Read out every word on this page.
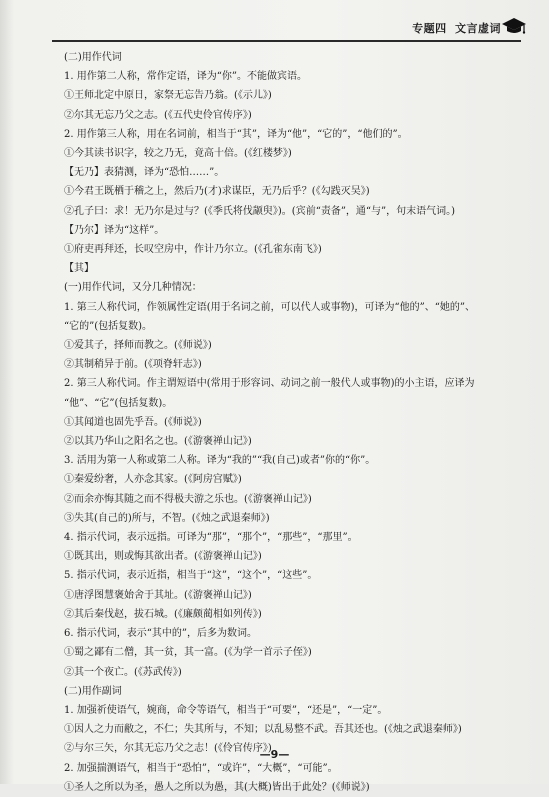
专题四 文言虚词
(二)用作代词
1. 用作第二人称，常作定语，译为“你”。不能做宾语。
①王师北定中原日，家祭无忘告乃翁。(《示儿》)
②尔其无忘乃父之志。(《五代史伶官传序》)
2. 用作第三人称，用在名词前，相当于“其”，译为“他”，“它的”，“他们的”。
①今其读书识字，较之乃无，竟高十倍。(《红楼梦》)
【无乃】表猜测，译为“恐怕……”。
①今君王既栖于稽之上，然后乃(才)求谋臣，无乃后乎？(《勾践灭吴》)
②孔子曰：求！无乃尔是过与？(《季氏将伐颛臾》)。(宾前“责备”，通“与”，句末语气词。)
【乃尔】译为“这样”。
①府吏再拜还，长叹空房中，作计乃尔立。(《孔雀东南飞》)
【其】
(一)用作代词，又分几种情况：
1. 第三人称代词，作领属性定语(用于名词之前，可以代人或事物)，可译为“他的”、“她的”、
“它的”(包括复数)。
①爱其子，择师而教之。(《师说》)
②其制稍异于前。(《项脊轩志》)
2. 第三人称代词。作主谓短语中(常用于形容词、动词之前一般代人或事物)的小主语，应译为
“他”、“它”(包括复数)。
①其闻道也固先乎吾。(《师说》)
②以其乃华山之阳名之也。(《游褒禅山记》)
3. 活用为第一人称或第二人称。译为“我的”“我(自己)或者”你的“你”。
①秦爱纷奢，人亦念其家。(《阿房宫赋》)
②而余亦悔其随之而不得极夫游之乐也。(《游褒禅山记》)
③失其(自己的)所与，不智。(《烛之武退秦师》)
4. 指示代词，表示远指。可译为“那”，“那个”，“那些”，“那里”。
①既其出，则或悔其欲出者。(《游褒禅山记》)
5. 指示代词，表示近指，相当于“这”，“这个”，“这些”。
①唐浮图慧褒始舍于其址。(《游褒禅山记》)
②其后秦伐赵，拔石城。(《廉颇蔺相如列传》)
6. 指示代词，表示“其中的”，后多为数词。
①蜀之鄙有二僧，其一贫，其一富。(《为学一首示子侄》)
②其一个夜亡。(《苏武传》)
(二)用作副词
1. 加强祈使语气，婉商，命令等语气，相当于“可要”，“还是”，“一定”。
①因人之力而敝之，不仁；失其所与，不知；以乱易整不武。吾其还也。(《烛之武退秦师》)
②与尔三矢，尔其无忘乃父之志！(《伶官传序》)
2. 加强揣测语气，相当于“恐怕”，“或许”，“大概”，“可能”。
①圣人之所以为圣，愚人之所以为愚，其(大概)皆出于此处？(《师说》)
—9—
